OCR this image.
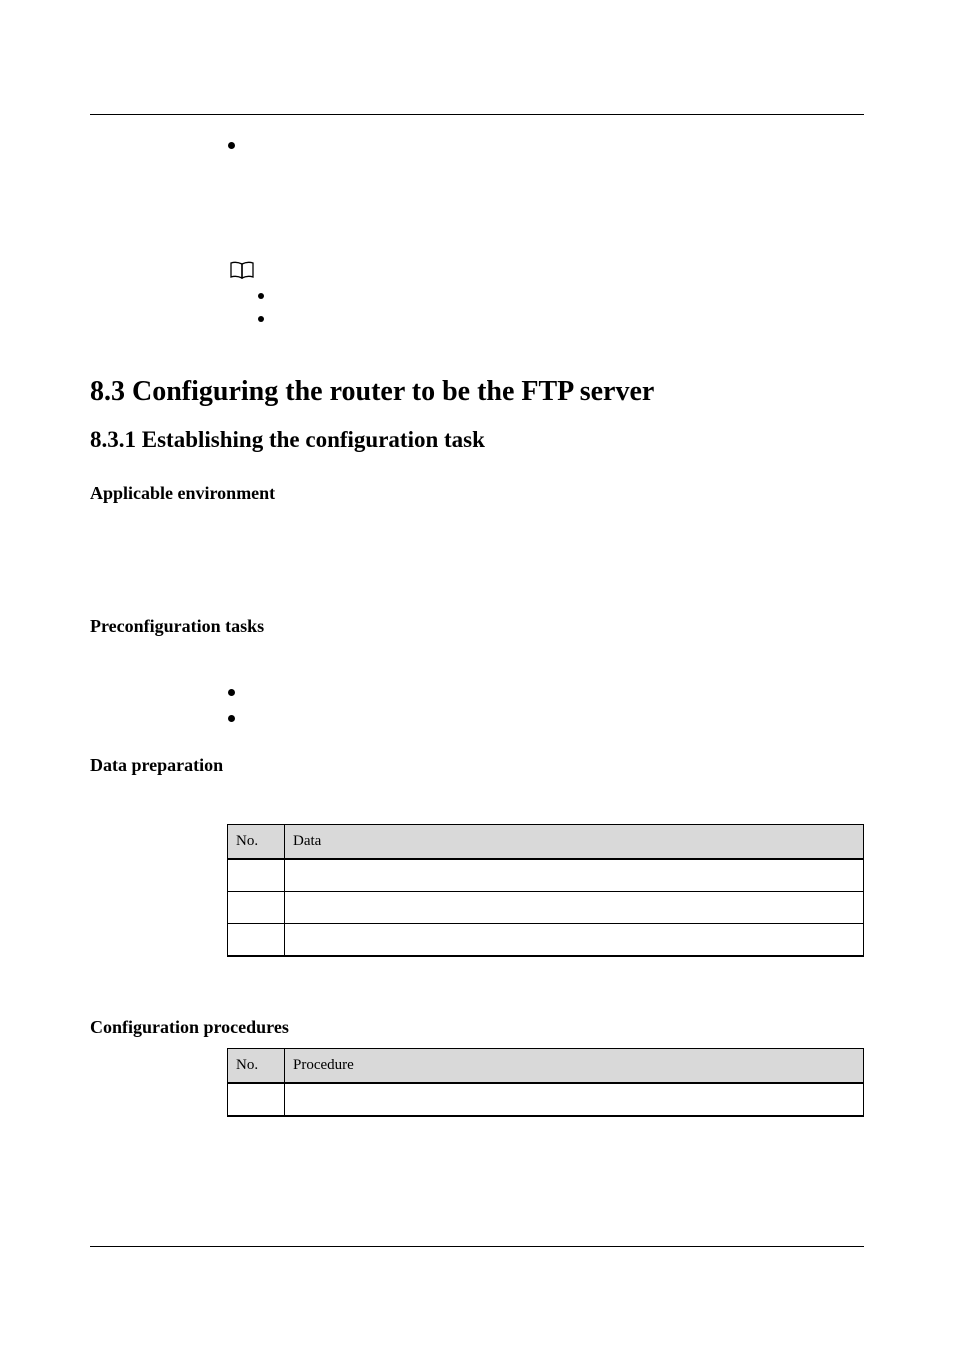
8.3 Configuring the router to be the FTP server
8.3.1 Establishing the configuration task
Applicable environment
Preconfiguration tasks
Data preparation
No.	Data

Configuration procedures
No.	Procedure
